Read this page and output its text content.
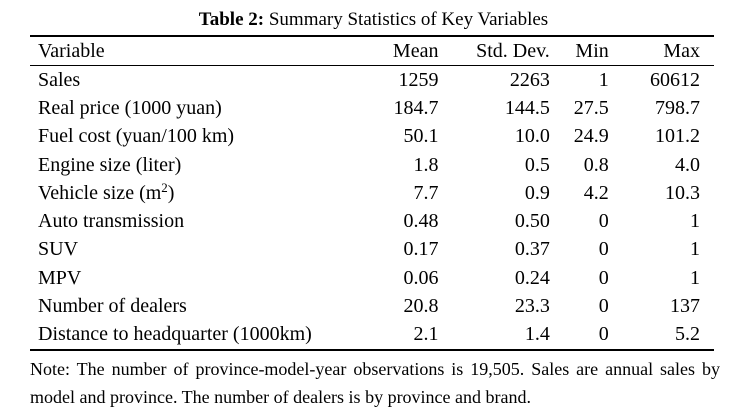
Table 2: Summary Statistics of Key Variables
Variable	Mean	Std. Dev.	Min	Max
Sales	1259	2263	1	60612
Real price (1000 yuan)	184.7	144.5	27.5	798.7
Fuel cost (yuan/100 km)	50.1	10.0	24.9	101.2
Engine size (liter)	1.8	0.5	0.8	4.0
Vehicle size $(m^2)$	7.7	0.9	4.2	10.3
Auto transmission	0.48	0.50	0	1
SUV	0.17	0.37	0	1
MPV	0.06	0.24	0	1
Number of dealers	20.8	23.3	0	137
Distance to headquarter (1000km)	2.1	1.4	0	5.2
Note: The number of province-model-year observations is 19,505. Sales are annual sales by model and province. The number of dealers is by province and brand.
